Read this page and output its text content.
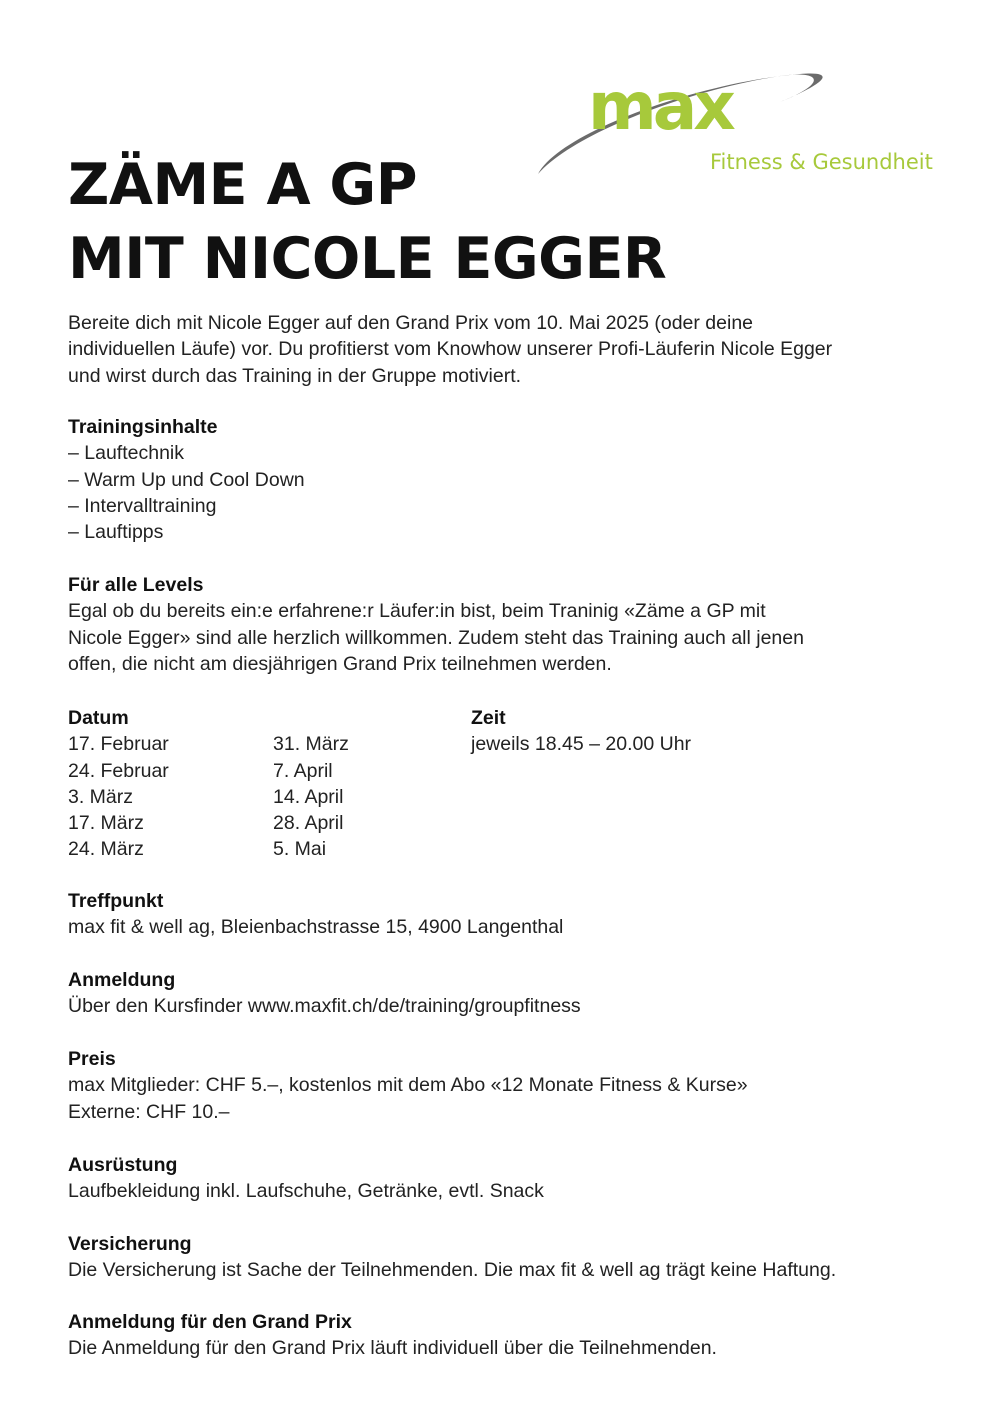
max
Fitness & Gesundheit
ZÄME A GP
MIT NICOLE EGGER
Bereite dich mit Nicole Egger auf den Grand Prix vom 10. Mai 2025 (oder deine
individuellen Läufe) vor. Du profitierst vom Knowhow unserer Profi-Läuferin Nicole Egger
und wirst durch das Training in der Gruppe motiviert.
Trainingsinhalte
– Lauftechnik
– Warm Up und Cool Down
– Intervalltraining
– Lauftipps
Für alle Levels
Egal ob du bereits ein:e erfahrene:r Läufer:in bist, beim Traninig «Zäme a GP mit
Nicole Egger» sind alle herzlich willkommen. Zudem steht das Training auch all jenen
offen, die nicht am diesjährigen Grand Prix teilnehmen werden.
Datum
17. Februar
24. Februar
3. März
17. März
24. März
31. März
7. April
14. April
28. April
5. Mai
Zeit
jeweils 18.45 – 20.00 Uhr
Treffpunkt
max fit & well ag, Bleienbachstrasse 15, 4900 Langenthal
Anmeldung
Über den Kursfinder www.maxfit.ch/de/training/groupfitness
Preis
max Mitglieder: CHF 5.–, kostenlos mit dem Abo «12 Monate Fitness & Kurse»
Externe: CHF 10.–
Ausrüstung
Laufbekleidung inkl. Laufschuhe, Getränke, evtl. Snack
Versicherung
Die Versicherung ist Sache der Teilnehmenden. Die max fit & well ag trägt keine Haftung.
Anmeldung für den Grand Prix
Die Anmeldung für den Grand Prix läuft individuell über die Teilnehmenden.
